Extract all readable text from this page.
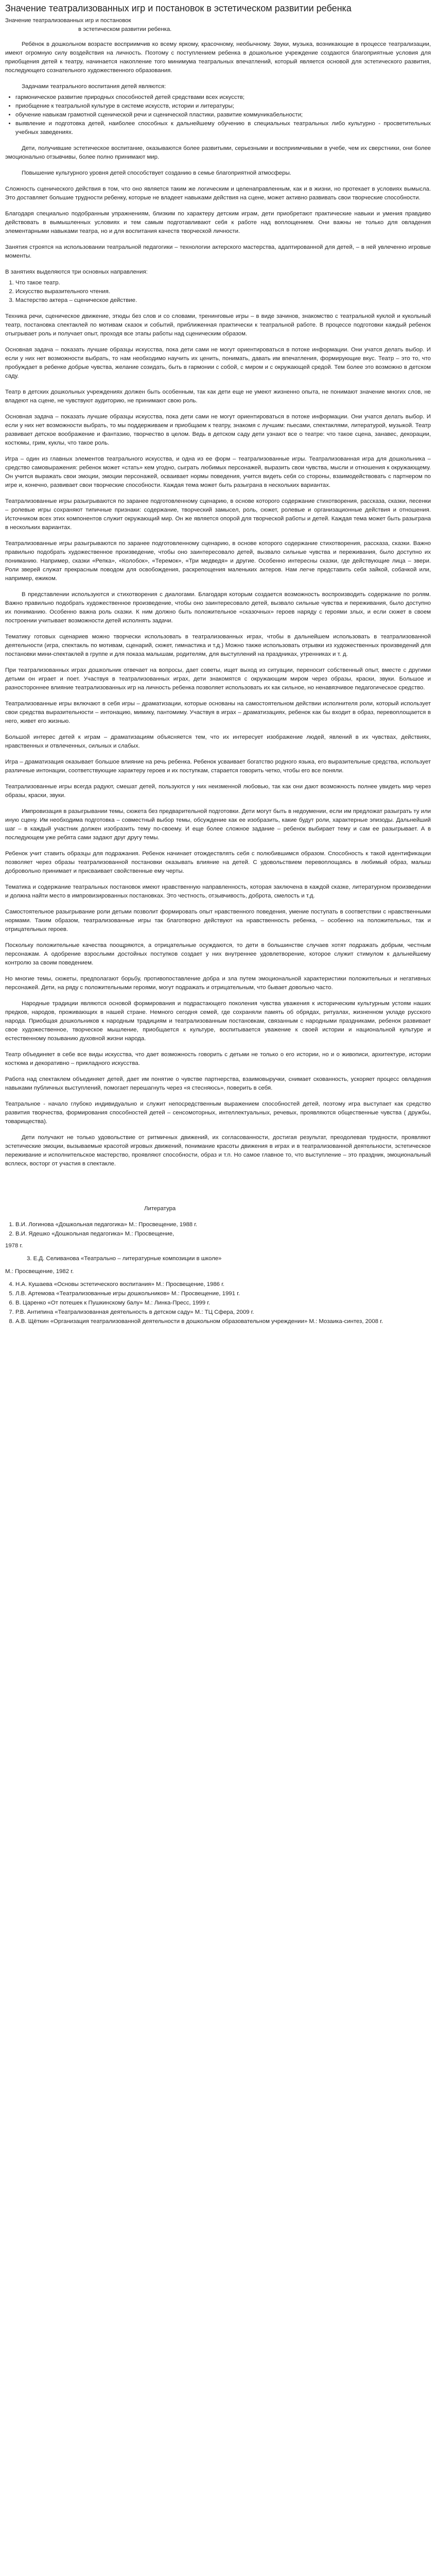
Значение театрализованных игр и постановок в эстетическом развитии ребенка

Значение театрализованных игр и постановок

в эстетическом развитии ребенка.

Ребёнок в дошкольном возрасте восприимчив ко всему яркому, красочному, необычному. Звуки, музыка, возникающие в процессе театрализации, имеют огромную силу воздействия на личность. Поэтому с поступлением ребенка в дошкольное учреждение создаются благоприятные условия для приобщения детей к театру, начинается накопление того минимума театральных впечатлений, который является основой для эстетического развития, последующего сознательного художественного образования.

Задачами театрального воспитания детей являются:

• гармоническое развитие природных способностей детей средствами всех искусств;
• приобщение к театральной культуре в системе искусств, истории и литературы;
• обучение навыкам грамотной сценической речи и сценической пластики, развитие коммуникабельности;
• выявление и подготовка детей, наиболее способных к дальнейшему обучению в специальных театральных либо культурно - просветительных учебных заведениях.

Дети, получившие эстетическое воспитание, оказываются более развитыми, серьезными и восприимчивыми в учебе, чем их сверстники, они более эмоционально отзывчивы, более полно принимают мир.

Повышение культурного уровня детей способствует созданию в семье благоприятной атмосферы.

Сложность сценического действия в том, что оно является таким же логическим и целенаправленным, как и в жизни, но протекает в условиях вымысла. Это доставляет большие трудности ребенку, которые не владеет навыками действия на сцене, может активно развивать свои творческие способности.

Благодаря специально подобранным упражнениям, близким по характеру детским играм, дети приобретают практические навыки и умения правдиво действовать в вымышленных условиях и тем самым подготавливают себя к работе над воплощением. Они важны не только для овладения элементарными навыками театра, но и для воспитания качеств творческой личности.

Занятия строятся на использовании театральной педагогики – технологии актерского мастерства, адаптированной для детей, – в ней увлеченно игровые моменты.

В занятиях выделяются три основных направления:

1. Что такое театр.
2. Искусство выразительного чтения.
3. Мастерство актера – сценическое действие.

Техника речи, сценическое движение, этюды без слов и со словами, тренинговые игры – в виде зачинов, знакомство с театральной куклой и кукольный театр, постановка спектаклей по мотивам сказок и событий, приближенная практически к театральной работе. В процессе подготовки каждый ребенок отыгрывает роль и получает опыт, проходя все этапы работы над сценическим образом.

Основная задача – показать лучшие образцы искусства, пока дети сами не могут ориентироваться в потоке информации. Они учатся делать выбор. И если у них нет возможности выбрать, то нам необходимо научить их ценить, понимать, давать им впечатления, формирующие вкус. Театр – это то, что пробуждает в ребенке добрые чувства, желание созидать, быть в гармонии с собой, с миром и с окружающей средой. Тем более это возможно в детском саду.

Театр в детских дошкольных учреждениях должен быть особенным, так как дети еще не умеют жизненно опыта, не понимают значение многих слов, не владеют на сцене, не чувствуют аудиторию, не принимают свою роль.

Основная задача – показать лучшие образцы искусства, пока дети сами не могут ориентироваться в потоке информации. Они учатся делать выбор. И если у них нет возможности выбрать, то мы поддерживаем и приобщаем к театру, знакомя с лучшим: пьесами, спектаклями, литературой, музыкой. Театр развивает детское воображение и фантазию, творчество в целом. Ведь в детском саду дети узнают все о театре: что такое сцена, занавес, декорации, костюмы, грим, куклы, что такое роль.

Игра – один из главных элементов театрального искусства, и одна из ее форм – театрализованные игры. Театрализованная игра для дошкольника – средство самовыражения: ребенок может «стать» кем угодно, сыграть любимых персонажей, выразить свои чувства, мысли и отношения к окружающему. Он учится выражать свои эмоции, эмоции персонажей, осваивает нормы поведения, учится видеть себя со стороны, взаимодействовать с партнером по игре и, конечно, развивает свои творческие способности. Каждая тема может быть разыграна в нескольких вариантах.

Театрализованные игры разыгрываются по заранее подготовленному сценарию, в основе которого содержание стихотворения, рассказа, сказки, песенки – ролевые игры сохраняют типичные признаки: содержание, творческий замысел, роль, сюжет, ролевые и организационные действия и отношения. Источником всех этих компонентов служит окружающий мир. Он же является опорой для творческой работы и детей. Каждая тема может быть разыграна в нескольких вариантах.

Театрализованные игры разыгрываются по заранее подготовленному сценарию, в основе которого содержание стихотворения, рассказа, сказки. Важно правильно подобрать художественное произведение, чтобы оно заинтересовало детей, вызвало сильные чувства и переживания, было доступно их пониманию. Например, сказки «Репка», «Колобок», «Теремок», «Три медведя» и другие. Особенно интересны сказки, где действующие лица – звери. Роли зверей служат прекрасным поводом для освобождения, раскрепощения маленьких актеров. Нам легче представить себя зайкой, собачкой или, например, ежиком.

В представлении используются и стихотворения с диалогами. Благодаря которым создается возможность воспроизводить содержание по ролям. Важно правильно подобрать художественное произведение, чтобы оно заинтересовало детей, вызвало сильные чувства и переживания, было доступно их пониманию. Особенно важна роль сказки. К ним должно быть положительное «сказочных» героев наряду с героями злых, и если сюжет в своем построении учитывает возможности детей исполнять задачи.

Тематику готовых сценариев можно творчески использовать в театрализованных играх, чтобы в дальнейшем использовать в театрализованной деятельности (игра, спектакль по мотивам, сценарий, сюжет, гимнастика и т.д.) Можно также использовать отрывки из художественных произведений для постановки мини-спектаклей в группе и для показа малышам, родителям, для выступлений на праздниках, утренниках и т. д.

При театрализованных играх дошкольник отвечает на вопросы, дает советы, ищет выход из ситуации, переносит собственный опыт, вместе с другими детьми он играет и поет. Участвуя в театрализованных играх, дети знакомятся с окружающим миром через образы, краски, звуки. Большое и разностороннее влияние театрализованных игр на личность ребенка позволяет использовать их как сильное, но ненавязчивое педагогическое средство.

Театрализованные игры включают в себя игры – драматизации, которые основаны на самостоятельном действии исполнителя роли, который использует свои средства выразительности – интонацию, мимику, пантомиму. Участвуя в играх – драматизациях, ребенок как бы входит в образ, перевоплощается в него, живет его жизнью.

Большой интерес детей к играм – драматизациям объясняется тем, что их интересует изображение людей, явлений в их чувствах, действиях, нравственных и отвлеченных, сильных и слабых.

Игра – драматизация оказывает большое влияние на речь ребенка. Ребенок усваивает богатство родного языка, его выразительные средства, использует различные интонации, соответствующие характеру героев и их поступкам, старается говорить четко, чтобы его все поняли.

Театрализованные игры всегда радуют, смешат детей, пользуются у них неизменной любовью, так как они дают возможность полнее увидеть мир через образы, краски, звуки.

Импровизация в разыгрывании темы, сюжета без предварительной подготовки. Дети могут быть в недоумении, если им предложат разыграть ту или иную сцену. Им необходима подготовка – совместный выбор темы, обсуждение как ее изобразить, какие будут роли, характерные эпизоды. Дальнейший шаг – в каждый участник должен изобразить тему по-своему. И еще более сложное задание – ребенок выбирает тему и сам ее разыгрывает. А в последующем уже ребята сами задают друг другу темы.

Ребенок учит ставить образцы для подражания. Ребенок начинает отождествлять себя с полюбившимся образом. Способность к такой идентификации позволяет через образы театрализованной постановки оказывать влияние на детей. С удовольствием перевоплощаясь в любимый образ, малыш добровольно принимает и присваивает свойственные ему черты.

Тематика и содержание театральных постановок имеют нравственную направленность, которая заключена в каждой сказке, литературном произведении и должна найти место в импровизированных постановках. Это честность, отзывчивость, доброта, смелость и т.д.

Самостоятельное разыгрывание роли детьми позволит формировать опыт нравственного поведения, умение поступать в соответствии с нравственными нормами. Таким образом, театрализованные игры так благотворно действуют на нравственность ребенка, – особенно на положительных, так и отрицательных героев.

Поскольку положительные качества поощряются, а отрицательные осуждаются, то дети в большинстве случаев хотят подражать добрым, честным персонажам. А одобрение взрослыми достойных поступков создает у них внутреннее удовлетворение, которое служит стимулом к дальнейшему контролю за своим поведением.

Но многие темы, сюжеты, предполагают борьбу, противопоставление добра и зла путем эмоциональной характеристики положительных и негативных персонажей. Дети, на ряду с положительными героями, могут подражать и отрицательным, что бывает довольно часто.

Народные традиции являются основой формирования и подрастающего поколения чувства уважения к историческим культурным устоям наших предков, народов, проживающих в нашей стране. Немного сегодня семей, где сохраняли память об обрядах, ритуалах, жизненном укладе русского народа. Приобщая дошкольников к народным традициям и театрализованным постановкам, связанным с народными праздниками, ребенок развивает свое художественное, творческое мышление, приобщается к культуре, воспитывается уважение к своей истории и национальной культуре и естественному позыванию духовной жизни народа.

Театр объединяет в себе все виды искусства, что дает возможность говорить с детьми не только о его истории, но и о живописи, архитектуре, истории костюма и декоративно – прикладного искусства.

Работа над спектаклем объединяет детей, дает им понятие о чувстве партнерства, взаимовыручки, снимает скованность, ускоряет процесс овладения навыками публичных выступлений, помогает перешагнуть через «я стесняюсь», поверить в себя.

Театральное - начало глубоко индивидуально и служит непосредственным выражением способностей детей, поэтому игра выступает как средство развития творчества, формирования способностей детей – сенсомоторных, интеллектуальных, речевых, проявляются общественные чувства ( дружбы, товарищества).

Дети получают не только удовольствие от ритмичных движений, их согласованности, достигая результат, преодолевая трудности, проявляют эстетические эмоции, вызываемые красотой игровых движений, понимание красоты движения в играх и в театрализованной деятельности, эстетическое переживание и исполнительское мастерство, проявляют способности, образ и т.п. Но самое главное то, что выступление – это праздник, эмоциональный всплеск, восторг от участия в спектакле.

Литература

1. В.И. Логинова «Дошкольная педагогика» М.: Просвещение, 1988 г.
2. В.И. Ядешко «Дошкольная педагогика» М.: Просвещение,

1978 г.

3. Е.Д. Селиванова «Театрально – литературные композиции в школе»

М.: Просвещение, 1982 г.

4. Н.А. Кушаева «Основы эстетического воспитания» М.: Просвещение, 1986 г.
5. Л.В. Артемова «Театрализованные игры дошкольников» М.: Просвещение, 1991 г.
6. В. Царенко «От потешек к Пушкинскому балу» М.: Линка-Пресс, 1999 г.
7. Р.В. Антипина «Театрализованная деятельность в детском саду» М.: ТЦ Сфера, 2009 г.
8. А.В. Щёткин «Организация театрализованной деятельности в дошкольном образовательном учреждении» М.: Мозаика-синтез, 2008 г.
